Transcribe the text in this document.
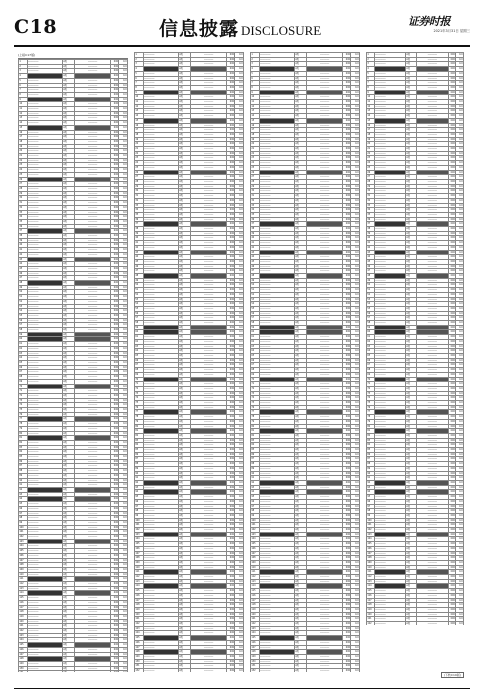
C18	信息披露 DISCLOSURE
证券时报
2021年3月31日 星期三
(上接C17版)
1	────────	A股	───────	000	0.0
2	────────	A股	───────	000	0.0
3	────────	A股	───────	000	0.0
4	────────	A股	───────	000	0.0
5	────────	A股	───────	000	0.0
6	────────	A股	───────	000	0.0
7	────────	A股	───────	000	0.0
8	────────	A股	───────	000	0.0
9	────────	A股	───────	000	0.0
10	────────	A股	───────	000	0.0
11	────────	A股	───────	000	0.0
12	────────	A股	───────	000	0.0
13	────────	A股	───────	000	0.0
14	────────	A股	───────	000	0.0
15	────────	A股	───────	000	0.0
16	────────	A股	───────	000	0.0
17	────────	A股	───────	000	0.0
18	────────	A股	───────	000	0.0
19	────────	A股	───────	000	0.0
20	────────	A股	───────	000	0.0
21	────────	A股	───────	000	0.0
22	────────	A股	───────	000	0.0
23	────────	A股	───────	000	0.0
24	────────	A股	───────	000	0.0
25	────────	A股	───────	000	0.0
26	────────	A股	───────	000	0.0
27	────────	A股	───────	000	0.0
28	────────	A股	───────	000	0.0
29	────────	A股	───────	000	0.0
30	────────	A股	───────	000	0.0
31	────────	A股	───────	000	0.0
32	────────	A股	───────	000	0.0
33	────────	A股	───────	000	0.0
34	────────	A股	───────	000	0.0
35	────────	A股	───────	000	0.0
36	────────	A股	───────	000	0.0
37	────────	A股	───────	000	0.0
38	────────	A股	───────	000	0.0
39	────────	A股	───────	000	0.0
40	────────	A股	───────	000	0.0
41	────────	A股	───────	000	0.0
42	────────	A股	───────	000	0.0
43	────────	A股	───────	000	0.0
44	────────	A股	───────	000	0.0
45	────────	A股	───────	000	0.0
46	────────	A股	───────	000	0.0
47	────────	A股	───────	000	0.0
48	────────	A股	───────	000	0.0
49	────────	A股	───────	000	0.0
50	────────	A股	───────	000	0.0
51	────────	A股	───────	000	0.0
52	────────	A股	───────	000	0.0
53	────────	A股	───────	000	0.0
54	────────	A股	───────	000	0.0
55	────────	A股	───────	000	0.0
56	────────	A股	───────	000	0.0
57	────────	A股	───────	000	0.0
58	────────	A股	───────	000	0.0
59	────────	A股	───────	000	0.0
60	────────	A股	───────	000	0.0
61	────────	A股	───────	000	0.0
62	────────	A股	───────	000	0.0
63	────────	A股	───────	000	0.0
64	────────	A股	───────	000	0.0
65	────────	A股	───────	000	0.0
66	────────	A股	───────	000	0.0
67	────────	A股	───────	000	0.0
68	────────	A股	───────	000	0.0
69	────────	A股	───────	000	0.0
70	────────	A股	───────	000	0.0
71	────────	A股	───────	000	0.0
72	────────	A股	───────	000	0.0
73	────────	A股	───────	000	0.0
74	────────	A股	───────	000	0.0
75	────────	A股	───────	000	0.0
76	────────	A股	───────	000	0.0
77	────────	A股	───────	000	0.0
78	────────	A股	───────	000	0.0
79	────────	A股	───────	000	0.0
80	────────	A股	───────	000	0.0
81	────────	A股	───────	000	0.0
82	────────	A股	───────	000	0.0
83	────────	A股	───────	000	0.0
84	────────	A股	───────	000	0.0
85	────────	A股	───────	000	0.0
86	────────	A股	───────	000	0.0
87	────────	A股	───────	000	0.0
88	────────	A股	───────	000	0.0
89	────────	A股	───────	000	0.0
90	────────	A股	───────	000	0.0
91	────────	A股	───────	000	0.0
92	────────	A股	───────	000	0.0
93	────────	A股	───────	000	0.0
94	────────	A股	───────	000	0.0
95	────────	A股	───────	000	0.0
96	────────	A股	───────	000	0.0
97	────────	A股	───────	000	0.0
98	────────	A股	───────	000	0.0
99	────────	A股	───────	000	0.0
100	────────	A股	───────	000	0.0
101	────────	A股	───────	000	0.0
102	────────	A股	───────	000	0.0
103	────────	A股	───────	000	0.0
104	────────	A股	───────	000	0.0
105	────────	A股	───────	000	0.0
106	────────	A股	───────	000	0.0
107	────────	A股	───────	000	0.0
108	────────	A股	───────	000	0.0
109	────────	A股	───────	000	0.0
110	────────	A股	───────	000	0.0
111	────────	A股	───────	000	0.0
112	────────	A股	───────	000	0.0
113	────────	A股	───────	000	0.0
114	────────	A股	───────	000	0.0
115	────────	A股	───────	000	0.0
116	────────	A股	───────	000	0.0
117	────────	A股	───────	000	0.0
118	────────	A股	───────	000	0.0
119	────────	A股	───────	000	0.0
120	────────	A股	───────	000	0.0
121	────────	A股	───────	000	0.0
122	────────	A股	───────	000	0.0
123	────────	A股	───────	000	0.0
124	────────	A股	───────	000	0.0
125	────────	A股	───────	000	0.0
126	────────	A股	───────	000	0.0
127	────────	A股	───────	000	0.0
128	────────	A股	───────	000	0.0
129	────────	A股	───────	000	0.0
130	────────	A股	───────	000	0.0

1	────────	A股	───────	000	0.0
2	────────	A股	───────	000	0.0
3	────────	A股	───────	000	0.0
4	────────	A股	───────	000	0.0
5	────────	A股	───────	000	0.0
6	────────	A股	───────	000	0.0
7	────────	A股	───────	000	0.0
8	────────	A股	───────	000	0.0
9	────────	A股	───────	000	0.0
10	────────	A股	───────	000	0.0
11	────────	A股	───────	000	0.0
12	────────	A股	───────	000	0.0
13	────────	A股	───────	000	0.0
14	────────	A股	───────	000	0.0
15	────────	A股	───────	000	0.0
16	────────	A股	───────	000	0.0
17	────────	A股	───────	000	0.0
18	────────	A股	───────	000	0.0
19	────────	A股	───────	000	0.0
20	────────	A股	───────	000	0.0
21	────────	A股	───────	000	0.0
22	────────	A股	───────	000	0.0
23	────────	A股	───────	000	0.0
24	────────	A股	───────	000	0.0
25	────────	A股	───────	000	0.0
26	────────	A股	───────	000	0.0
27	────────	A股	───────	000	0.0
28	────────	A股	───────	000	0.0
29	────────	A股	───────	000	0.0
30	────────	A股	───────	000	0.0
31	────────	A股	───────	000	0.0
32	────────	A股	───────	000	0.0
33	────────	A股	───────	000	0.0
34	────────	A股	───────	000	0.0
35	────────	A股	───────	000	0.0
36	────────	A股	───────	000	0.0
37	────────	A股	───────	000	0.0
38	────────	A股	───────	000	0.0
39	────────	A股	───────	000	0.0
40	────────	A股	───────	000	0.0
41	────────	A股	───────	000	0.0
42	────────	A股	───────	000	0.0
43	────────	A股	───────	000	0.0
44	────────	A股	───────	000	0.0
45	────────	A股	───────	000	0.0
46	────────	A股	───────	000	0.0
47	────────	A股	───────	000	0.0
48	────────	A股	───────	000	0.0
49	────────	A股	───────	000	0.0
50	────────	A股	───────	000	0.0
51	────────	A股	───────	000	0.0
52	────────	A股	───────	000	0.0
53	────────	A股	───────	000	0.0
54	────────	A股	───────	000	0.0
55	────────	A股	───────	000	0.0
56	────────	A股	───────	000	0.0
57	────────	A股	───────	000	0.0
58	────────	A股	───────	000	0.0
59	────────	A股	───────	000	0.0
60	────────	A股	───────	000	0.0
61	────────	A股	───────	000	0.0
62	────────	A股	───────	000	0.0
63	────────	A股	───────	000	0.0
64	────────	A股	───────	000	0.0
65	────────	A股	───────	000	0.0
66	────────	A股	───────	000	0.0
67	────────	A股	───────	000	0.0
68	────────	A股	───────	000	0.0
69	────────	A股	───────	000	0.0
70	────────	A股	───────	000	0.0
71	────────	A股	───────	000	0.0
72	────────	A股	───────	000	0.0
73	────────	A股	───────	000	0.0
74	────────	A股	───────	000	0.0
75	────────	A股	───────	000	0.0
76	────────	A股	───────	000	0.0
77	────────	A股	───────	000	0.0
78	────────	A股	───────	000	0.0
79	────────	A股	───────	000	0.0
80	────────	A股	───────	000	0.0
81	────────	A股	───────	000	0.0
82	────────	A股	───────	000	0.0
83	────────	A股	───────	000	0.0
84	────────	A股	───────	000	0.0
85	────────	A股	───────	000	0.0
86	────────	A股	───────	000	0.0
87	────────	A股	───────	000	0.0
88	────────	A股	───────	000	0.0
89	────────	A股	───────	000	0.0
90	────────	A股	───────	000	0.0
91	────────	A股	───────	000	0.0
92	────────	A股	───────	000	0.0
93	────────	A股	───────	000	0.0
94	────────	A股	───────	000	0.0
95	────────	A股	───────	000	0.0
96	────────	A股	───────	000	0.0
97	────────	A股	───────	000	0.0
98	────────	A股	───────	000	0.0
99	────────	A股	───────	000	0.0
100	────────	A股	───────	000	0.0
101	────────	A股	───────	000	0.0
102	────────	A股	───────	000	0.0
103	────────	A股	───────	000	0.0
104	────────	A股	───────	000	0.0
105	────────	A股	───────	000	0.0
106	────────	A股	───────	000	0.0
107	────────	A股	───────	000	0.0
108	────────	A股	───────	000	0.0
109	────────	A股	───────	000	0.0
110	────────	A股	───────	000	0.0
111	────────	A股	───────	000	0.0
112	────────	A股	───────	000	0.0
113	────────	A股	───────	000	0.0
114	────────	A股	───────	000	0.0
115	────────	A股	───────	000	0.0
116	────────	A股	───────	000	0.0
117	────────	A股	───────	000	0.0
118	────────	A股	───────	000	0.0
119	────────	A股	───────	000	0.0
120	────────	A股	───────	000	0.0
121	────────	A股	───────	000	0.0
122	────────	A股	───────	000	0.0
123	────────	A股	───────	000	0.0
124	────────	A股	───────	000	0.0
125	────────	A股	───────	000	0.0
126	────────	A股	───────	000	0.0
127	────────	A股	───────	000	0.0
128	────────	A股	───────	000	0.0
129	────────	A股	───────	000	0.0
130	────────	A股	───────	000	0.0
131	────────	A股	───────	000	0.0
132	────────	A股	───────	000	0.0

1	────────	A股	───────	000	0.0
2	────────	A股	───────	000	0.0
3	────────	A股	───────	000	0.0
4	────────	A股	───────	000	0.0
5	────────	A股	───────	000	0.0
6	────────	A股	───────	000	0.0
7	────────	A股	───────	000	0.0
8	────────	A股	───────	000	0.0
9	────────	A股	───────	000	0.0
10	────────	A股	───────	000	0.0
11	────────	A股	───────	000	0.0
12	────────	A股	───────	000	0.0
13	────────	A股	───────	000	0.0
14	────────	A股	───────	000	0.0
15	────────	A股	───────	000	0.0
16	────────	A股	───────	000	0.0
17	────────	A股	───────	000	0.0
18	────────	A股	───────	000	0.0
19	────────	A股	───────	000	0.0
20	────────	A股	───────	000	0.0
21	────────	A股	───────	000	0.0
22	────────	A股	───────	000	0.0
23	────────	A股	───────	000	0.0
24	────────	A股	───────	000	0.0
25	────────	A股	───────	000	0.0
26	────────	A股	───────	000	0.0
27	────────	A股	───────	000	0.0
28	────────	A股	───────	000	0.0
29	────────	A股	───────	000	0.0
30	────────	A股	───────	000	0.0
31	────────	A股	───────	000	0.0
32	────────	A股	───────	000	0.0
33	────────	A股	───────	000	0.0
34	────────	A股	───────	000	0.0
35	────────	A股	───────	000	0.0
36	────────	A股	───────	000	0.0
37	────────	A股	───────	000	0.0
38	────────	A股	───────	000	0.0
39	────────	A股	───────	000	0.0
40	────────	A股	───────	000	0.0
41	────────	A股	───────	000	0.0
42	────────	A股	───────	000	0.0
43	────────	A股	───────	000	0.0
44	────────	A股	───────	000	0.0
45	────────	A股	───────	000	0.0
46	────────	A股	───────	000	0.0
47	────────	A股	───────	000	0.0
48	────────	A股	───────	000	0.0
49	────────	A股	───────	000	0.0
50	────────	A股	───────	000	0.0
51	────────	A股	───────	000	0.0
52	────────	A股	───────	000	0.0
53	────────	A股	───────	000	0.0
54	────────	A股	───────	000	0.0
55	────────	A股	───────	000	0.0
56	────────	A股	───────	000	0.0
57	────────	A股	───────	000	0.0
58	────────	A股	───────	000	0.0
59	────────	A股	───────	000	0.0
60	────────	A股	───────	000	0.0
61	────────	A股	───────	000	0.0
62	────────	A股	───────	000	0.0
63	────────	A股	───────	000	0.0
64	────────	A股	───────	000	0.0
65	────────	A股	───────	000	0.0
66	────────	A股	───────	000	0.0
67	────────	A股	───────	000	0.0
68	────────	A股	───────	000	0.0
69	────────	A股	───────	000	0.0
70	────────	A股	───────	000	0.0
71	────────	A股	───────	000	0.0
72	────────	A股	───────	000	0.0
73	────────	A股	───────	000	0.0
74	────────	A股	───────	000	0.0
75	────────	A股	───────	000	0.0
76	────────	A股	───────	000	0.0
77	────────	A股	───────	000	0.0
78	────────	A股	───────	000	0.0
79	────────	A股	───────	000	0.0
80	────────	A股	───────	000	0.0
81	────────	A股	───────	000	0.0
82	────────	A股	───────	000	0.0
83	────────	A股	───────	000	0.0
84	────────	A股	───────	000	0.0
85	────────	A股	───────	000	0.0
86	────────	A股	───────	000	0.0
87	────────	A股	───────	000	0.0
88	────────	A股	───────	000	0.0
89	────────	A股	───────	000	0.0
90	────────	A股	───────	000	0.0
91	────────	A股	───────	000	0.0
92	────────	A股	───────	000	0.0
93	────────	A股	───────	000	0.0
94	────────	A股	───────	000	0.0
95	────────	A股	───────	000	0.0
96	────────	A股	───────	000	0.0
97	────────	A股	───────	000	0.0
98	────────	A股	───────	000	0.0
99	────────	A股	───────	000	0.0
100	────────	A股	───────	000	0.0
101	────────	A股	───────	000	0.0
102	────────	A股	───────	000	0.0
103	────────	A股	───────	000	0.0
104	────────	A股	───────	000	0.0
105	────────	A股	───────	000	0.0
106	────────	A股	───────	000	0.0
107	────────	A股	───────	000	0.0
108	────────	A股	───────	000	0.0
109	────────	A股	───────	000	0.0
110	────────	A股	───────	000	0.0
111	────────	A股	───────	000	0.0
112	────────	A股	───────	000	0.0
113	────────	A股	───────	000	0.0
114	────────	A股	───────	000	0.0
115	────────	A股	───────	000	0.0
116	────────	A股	───────	000	0.0
117	────────	A股	───────	000	0.0
118	────────	A股	───────	000	0.0
119	────────	A股	───────	000	0.0
120	────────	A股	───────	000	0.0
121	────────	A股	───────	000	0.0
122	────────	A股	───────	000	0.0
123	────────	A股	───────	000	0.0
124	────────	A股	───────	000	0.0
125	────────	A股	───────	000	0.0
126	────────	A股	───────	000	0.0
127	────────	A股	───────	000	0.0
128	────────	A股	───────	000	0.0
129	────────	A股	───────	000	0.0
130	────────	A股	───────	000	0.0
131	────────	A股	───────	000	0.0
132	────────	A股	───────	000	0.0

1	────────	A股	───────	000	0.0
2	────────	A股	───────	000	0.0
3	────────	A股	───────	000	0.0
4	────────	A股	───────	000	0.0
5	────────	A股	───────	000	0.0
6	────────	A股	───────	000	0.0
7	────────	A股	───────	000	0.0
8	────────	A股	───────	000	0.0
9	────────	A股	───────	000	0.0
10	────────	A股	───────	000	0.0
11	────────	A股	───────	000	0.0
12	────────	A股	───────	000	0.0
13	────────	A股	───────	000	0.0
14	────────	A股	───────	000	0.0
15	────────	A股	───────	000	0.0
16	────────	A股	───────	000	0.0
17	────────	A股	───────	000	0.0
18	────────	A股	───────	000	0.0
19	────────	A股	───────	000	0.0
20	────────	A股	───────	000	0.0
21	────────	A股	───────	000	0.0
22	────────	A股	───────	000	0.0
23	────────	A股	───────	000	0.0
24	────────	A股	───────	000	0.0
25	────────	A股	───────	000	0.0
26	────────	A股	───────	000	0.0
27	────────	A股	───────	000	0.0
28	────────	A股	───────	000	0.0
29	────────	A股	───────	000	0.0
30	────────	A股	───────	000	0.0
31	────────	A股	───────	000	0.0
32	────────	A股	───────	000	0.0
33	────────	A股	───────	000	0.0
34	────────	A股	───────	000	0.0
35	────────	A股	───────	000	0.0
36	────────	A股	───────	000	0.0
37	────────	A股	───────	000	0.0
38	────────	A股	───────	000	0.0
39	────────	A股	───────	000	0.0
40	────────	A股	───────	000	0.0
41	────────	A股	───────	000	0.0
42	────────	A股	───────	000	0.0
43	────────	A股	───────	000	0.0
44	────────	A股	───────	000	0.0
45	────────	A股	───────	000	0.0
46	────────	A股	───────	000	0.0
47	────────	A股	───────	000	0.0
48	────────	A股	───────	000	0.0
49	────────	A股	───────	000	0.0
50	────────	A股	───────	000	0.0
51	────────	A股	───────	000	0.0
52	────────	A股	───────	000	0.0
53	────────	A股	───────	000	0.0
54	────────	A股	───────	000	0.0
55	────────	A股	───────	000	0.0
56	────────	A股	───────	000	0.0
57	────────	A股	───────	000	0.0
58	────────	A股	───────	000	0.0
59	────────	A股	───────	000	0.0
60	────────	A股	───────	000	0.0
61	────────	A股	───────	000	0.0
62	────────	A股	───────	000	0.0
63	────────	A股	───────	000	0.0
64	────────	A股	───────	000	0.0
65	────────	A股	───────	000	0.0
66	────────	A股	───────	000	0.0
67	────────	A股	───────	000	0.0
68	────────	A股	───────	000	0.0
69	────────	A股	───────	000	0.0
70	────────	A股	───────	000	0.0
71	────────	A股	───────	000	0.0
72	────────	A股	───────	000	0.0
73	────────	A股	───────	000	0.0
74	────────	A股	───────	000	0.0
75	────────	A股	───────	000	0.0
76	────────	A股	───────	000	0.0
77	────────	A股	───────	000	0.0
78	────────	A股	───────	000	0.0
79	────────	A股	───────	000	0.0
80	────────	A股	───────	000	0.0
81	────────	A股	───────	000	0.0
82	────────	A股	───────	000	0.0
83	────────	A股	───────	000	0.0
84	────────	A股	───────	000	0.0
85	────────	A股	───────	000	0.0
86	────────	A股	───────	000	0.0
87	────────	A股	───────	000	0.0
88	────────	A股	───────	000	0.0
89	────────	A股	───────	000	0.0
90	────────	A股	───────	000	0.0
91	────────	A股	───────	000	0.0
92	────────	A股	───────	000	0.0
93	────────	A股	───────	000	0.0
94	────────	A股	───────	000	0.0
95	────────	A股	───────	000	0.0
96	────────	A股	───────	000	0.0
97	────────	A股	───────	000	0.0
98	────────	A股	───────	000	0.0
99	────────	A股	───────	000	0.0
100	────────	A股	───────	000	0.0
101	────────	A股	───────	000	0.0
102	────────	A股	───────	000	0.0
103	────────	A股	───────	000	0.0
104	────────	A股	───────	000	0.0
105	────────	A股	───────	000	0.0
106	────────	A股	───────	000	0.0
107	────────	A股	───────	000	0.0
108	────────	A股	───────	000	0.0
109	────────	A股	───────	000	0.0
110	────────	A股	───────	000	0.0
111	────────	A股	───────	000	0.0
112	────────	A股	───────	000	0.0
113	────────	A股	───────	000	0.0
114	────────	A股	───────	000	0.0
115	────────	A股	───────	000	0.0
116	────────	A股	───────	000	0.0
117	────────	A股	───────	000	0.0
118	────────	A股	───────	000	0.0
119	────────	A股	───────	000	0.0
120	────────	A股	───────	000	0.0
121	────────	A股	───────	000	0.0
122	────────	A股	───────	000	0.0

(下转C19版)
